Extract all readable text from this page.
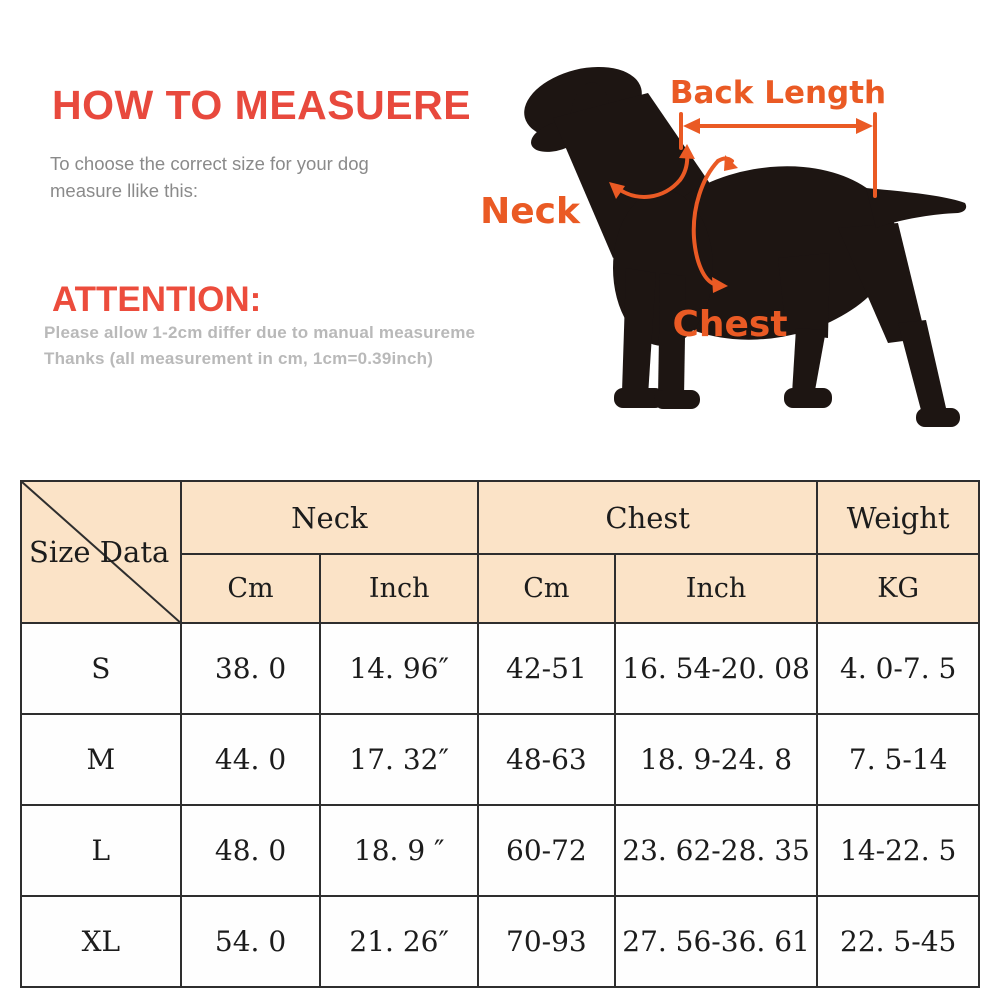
HOW TO MEASUERE

To choose the correct size for your dog
measure llike this:

ATTENTION:

Please allow 1-2cm differ due to manual measureme
Thanks (all measurement in cm, 1cm=0.39inch)

Back Length
Neck
Chest
Size Data	Neck		Chest		Weight
	Cm	Inch	Cm	Inch	KG
S	38. 0	14. 96″	42-51	16. 54-20. 08	4. 0-7. 5
M	44. 0	17. 32″	48-63	18. 9-24. 8	7. 5-14
L	48. 0	18. 9 ″	60-72	23. 62-28. 35	14-22. 5
XL	54. 0	21. 26″	70-93	27. 56-36. 61	22. 5-45
